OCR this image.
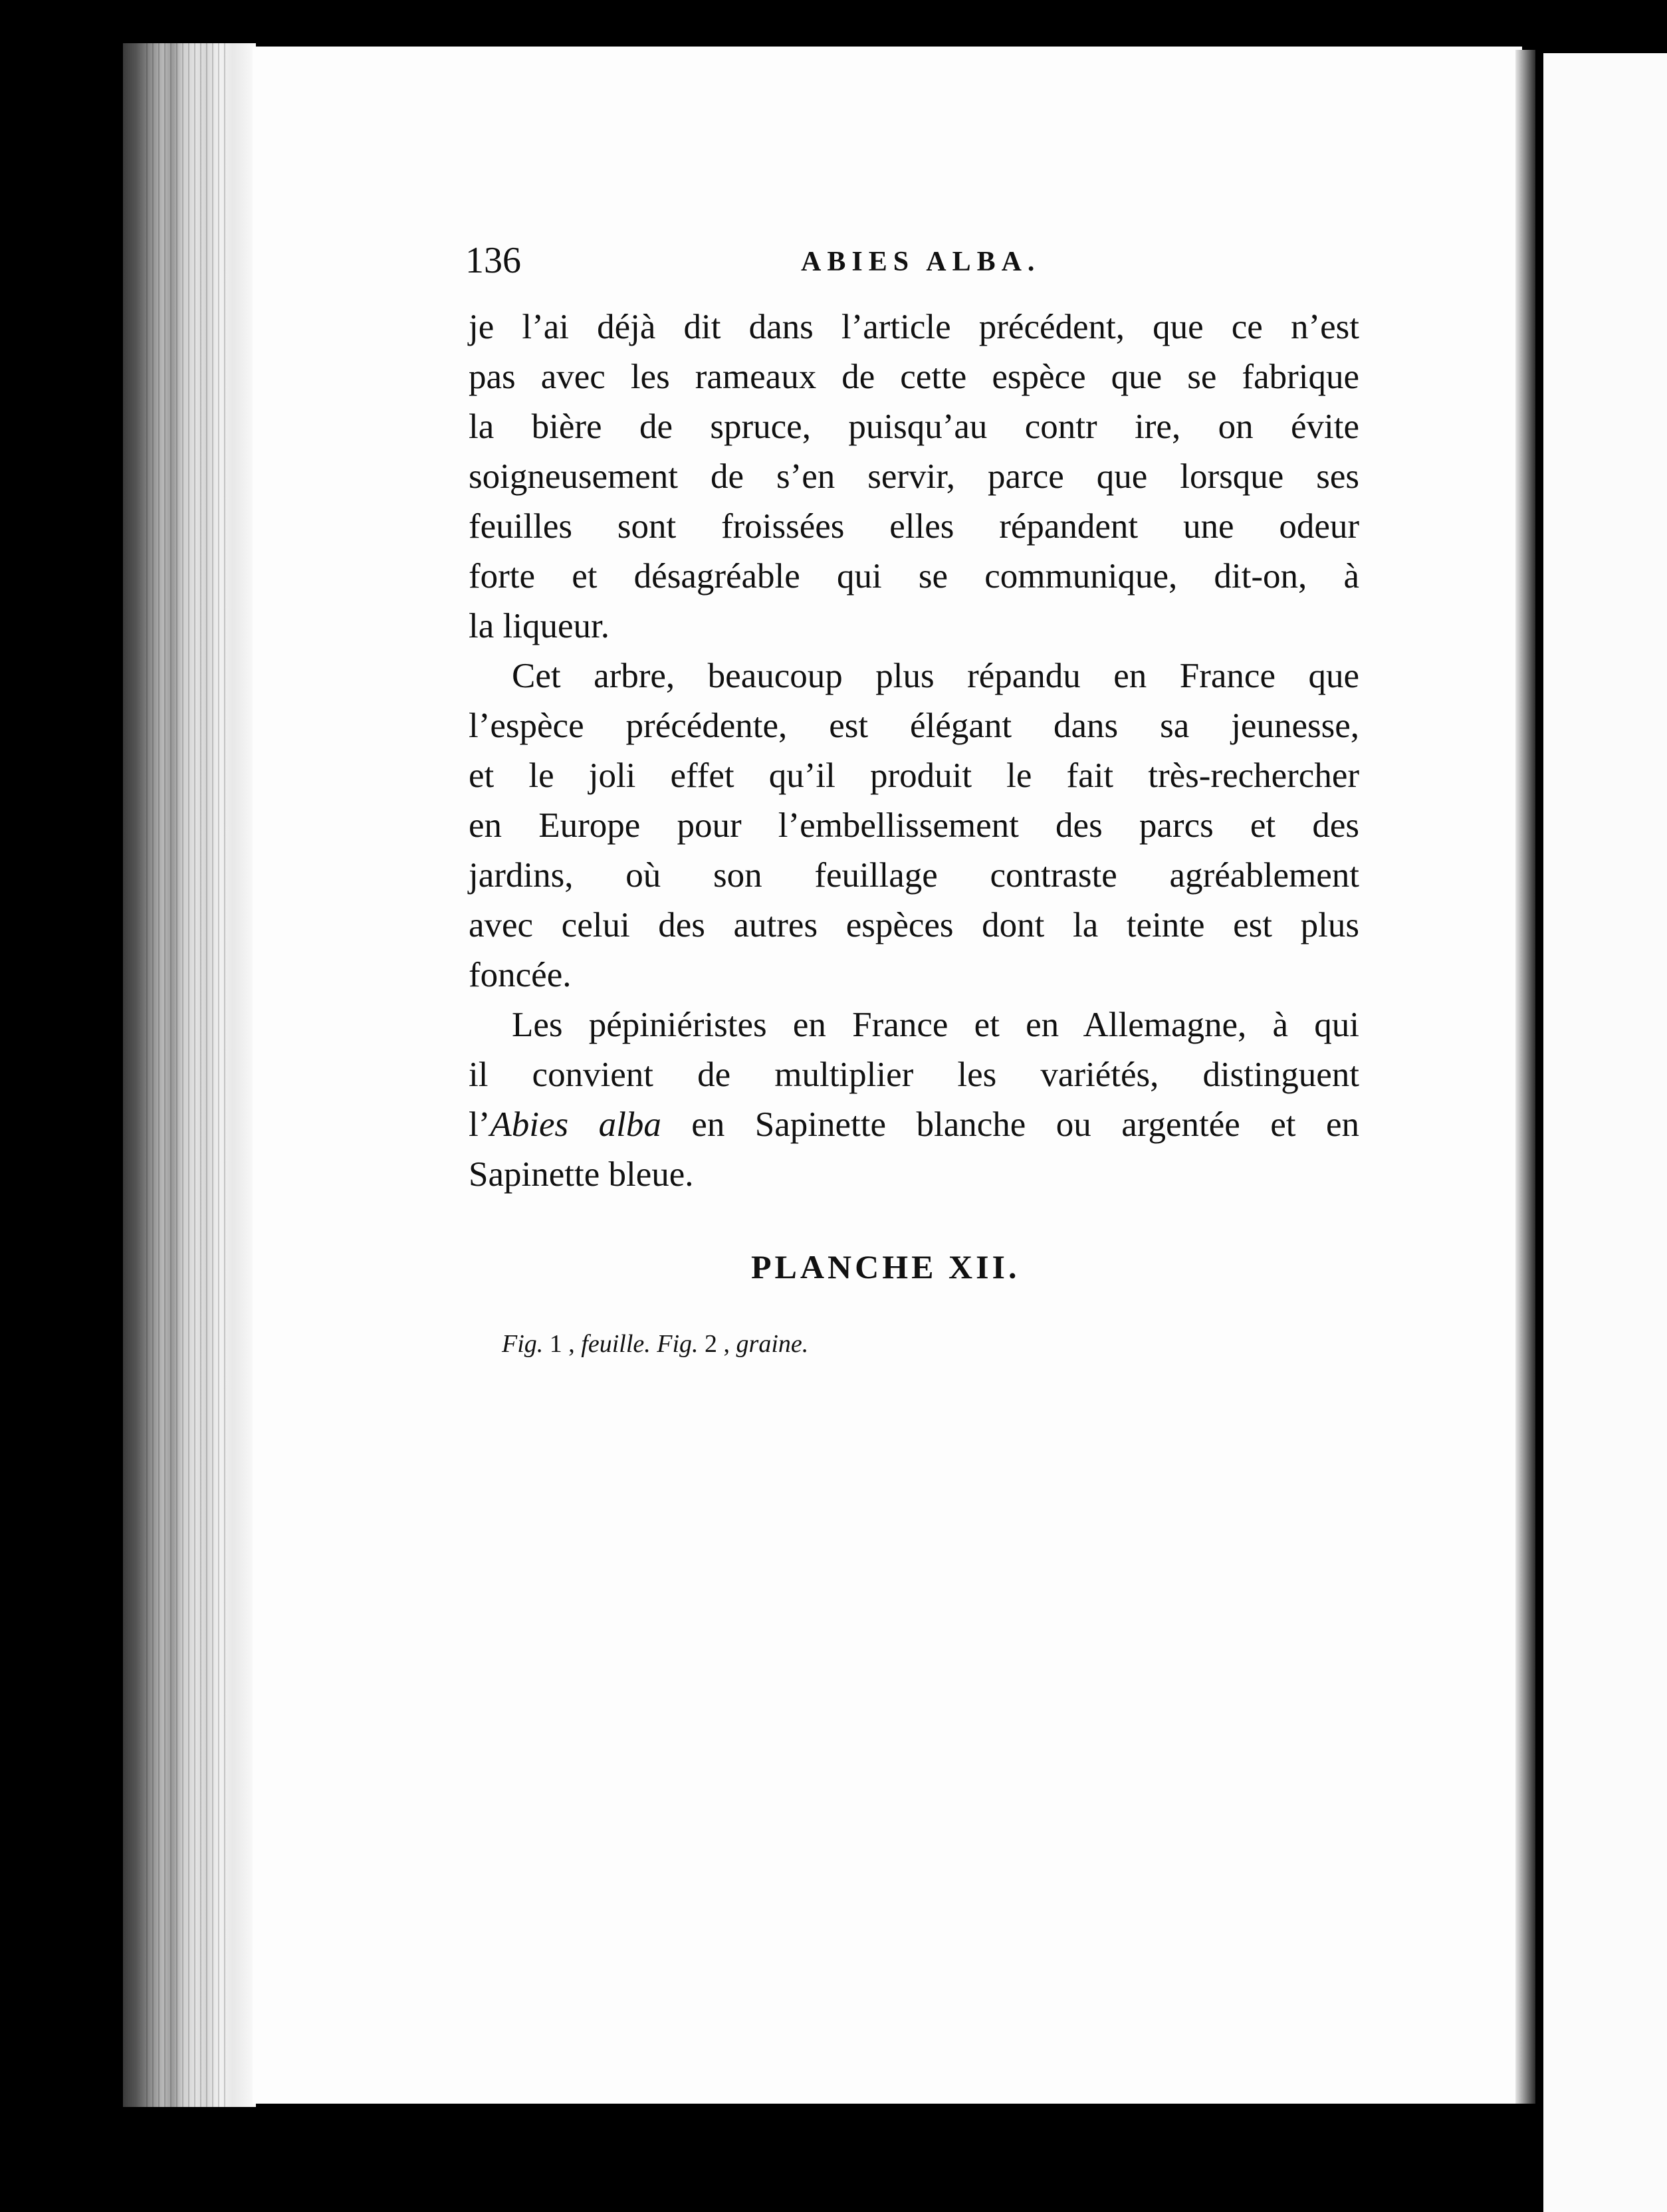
136	ABIES ALBA.
je l’ai déjà dit dans l’article précédent, que ce n’est
pas avec les rameaux de cette espèce que se fabrique
la bière de spruce, puisqu’au contr ire, on évite
soigneusement de s’en servir, parce que lorsque ses
feuilles sont froissées elles répandent une odeur
forte et désagréable qui se communique, dit-on, à
la liqueur.
Cet arbre, beaucoup plus répandu en France que
l’espèce précédente, est élégant dans sa jeunesse,
et le joli effet qu’il produit le fait très-rechercher
en Europe pour l’embellissement des parcs et des
jardins, où son feuillage contraste agréablement
avec celui des autres espèces dont la teinte est plus
foncée.
Les pépiniéristes en France et en Allemagne, à qui
il convient de multiplier les variétés, distinguent
l’Abies alba en Sapinette blanche ou argentée et en
Sapinette bleue.
PLANCHE XII.
Fig. 1 , feuille. Fig. 2 , graine.
